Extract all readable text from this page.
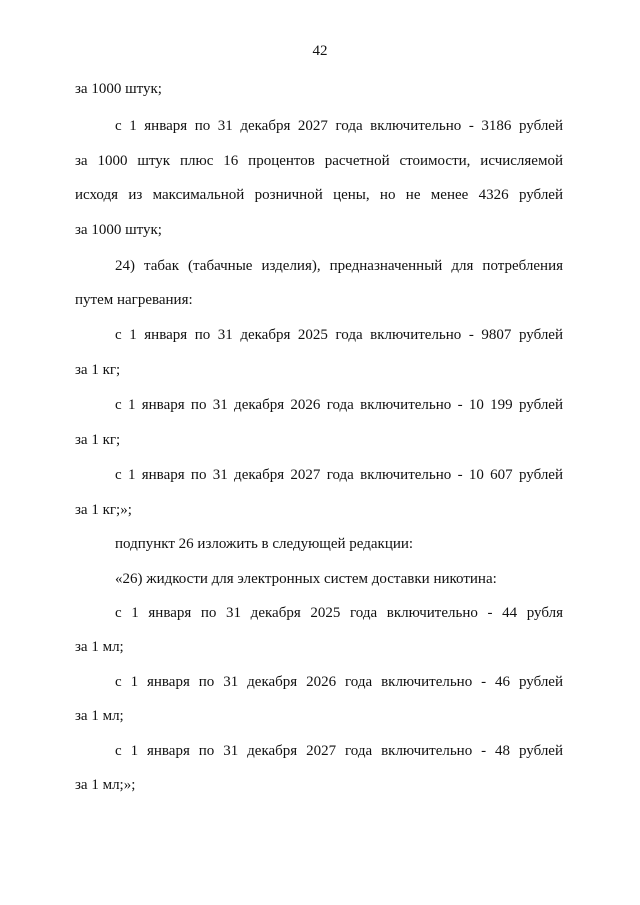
42
за 1000 штук;
с 1 января по 31 декабря 2027 года включительно - 3186 рублей
за 1000 штук плюс 16 процентов расчетной стоимости, исчисляемой
исходя из максимальной розничной цены, но не менее 4326 рублей
за 1000 штук;
24) табак (табачные изделия), предназначенный для потребления
путем нагревания:
с 1 января по 31 декабря 2025 года включительно - 9807 рублей
за 1 кг;
с 1 января по 31 декабря 2026 года включительно - 10 199 рублей
за 1 кг;
с 1 января по 31 декабря 2027 года включительно - 10 607 рублей
за 1 кг;»;
подпункт 26 изложить в следующей редакции:
«26) жидкости для электронных систем доставки никотина:
с 1 января по 31 декабря 2025 года включительно - 44 рубля
за 1 мл;
с 1 января по 31 декабря 2026 года включительно - 46 рублей
за 1 мл;
с 1 января по 31 декабря 2027 года включительно - 48 рублей
за 1 мл;»;
